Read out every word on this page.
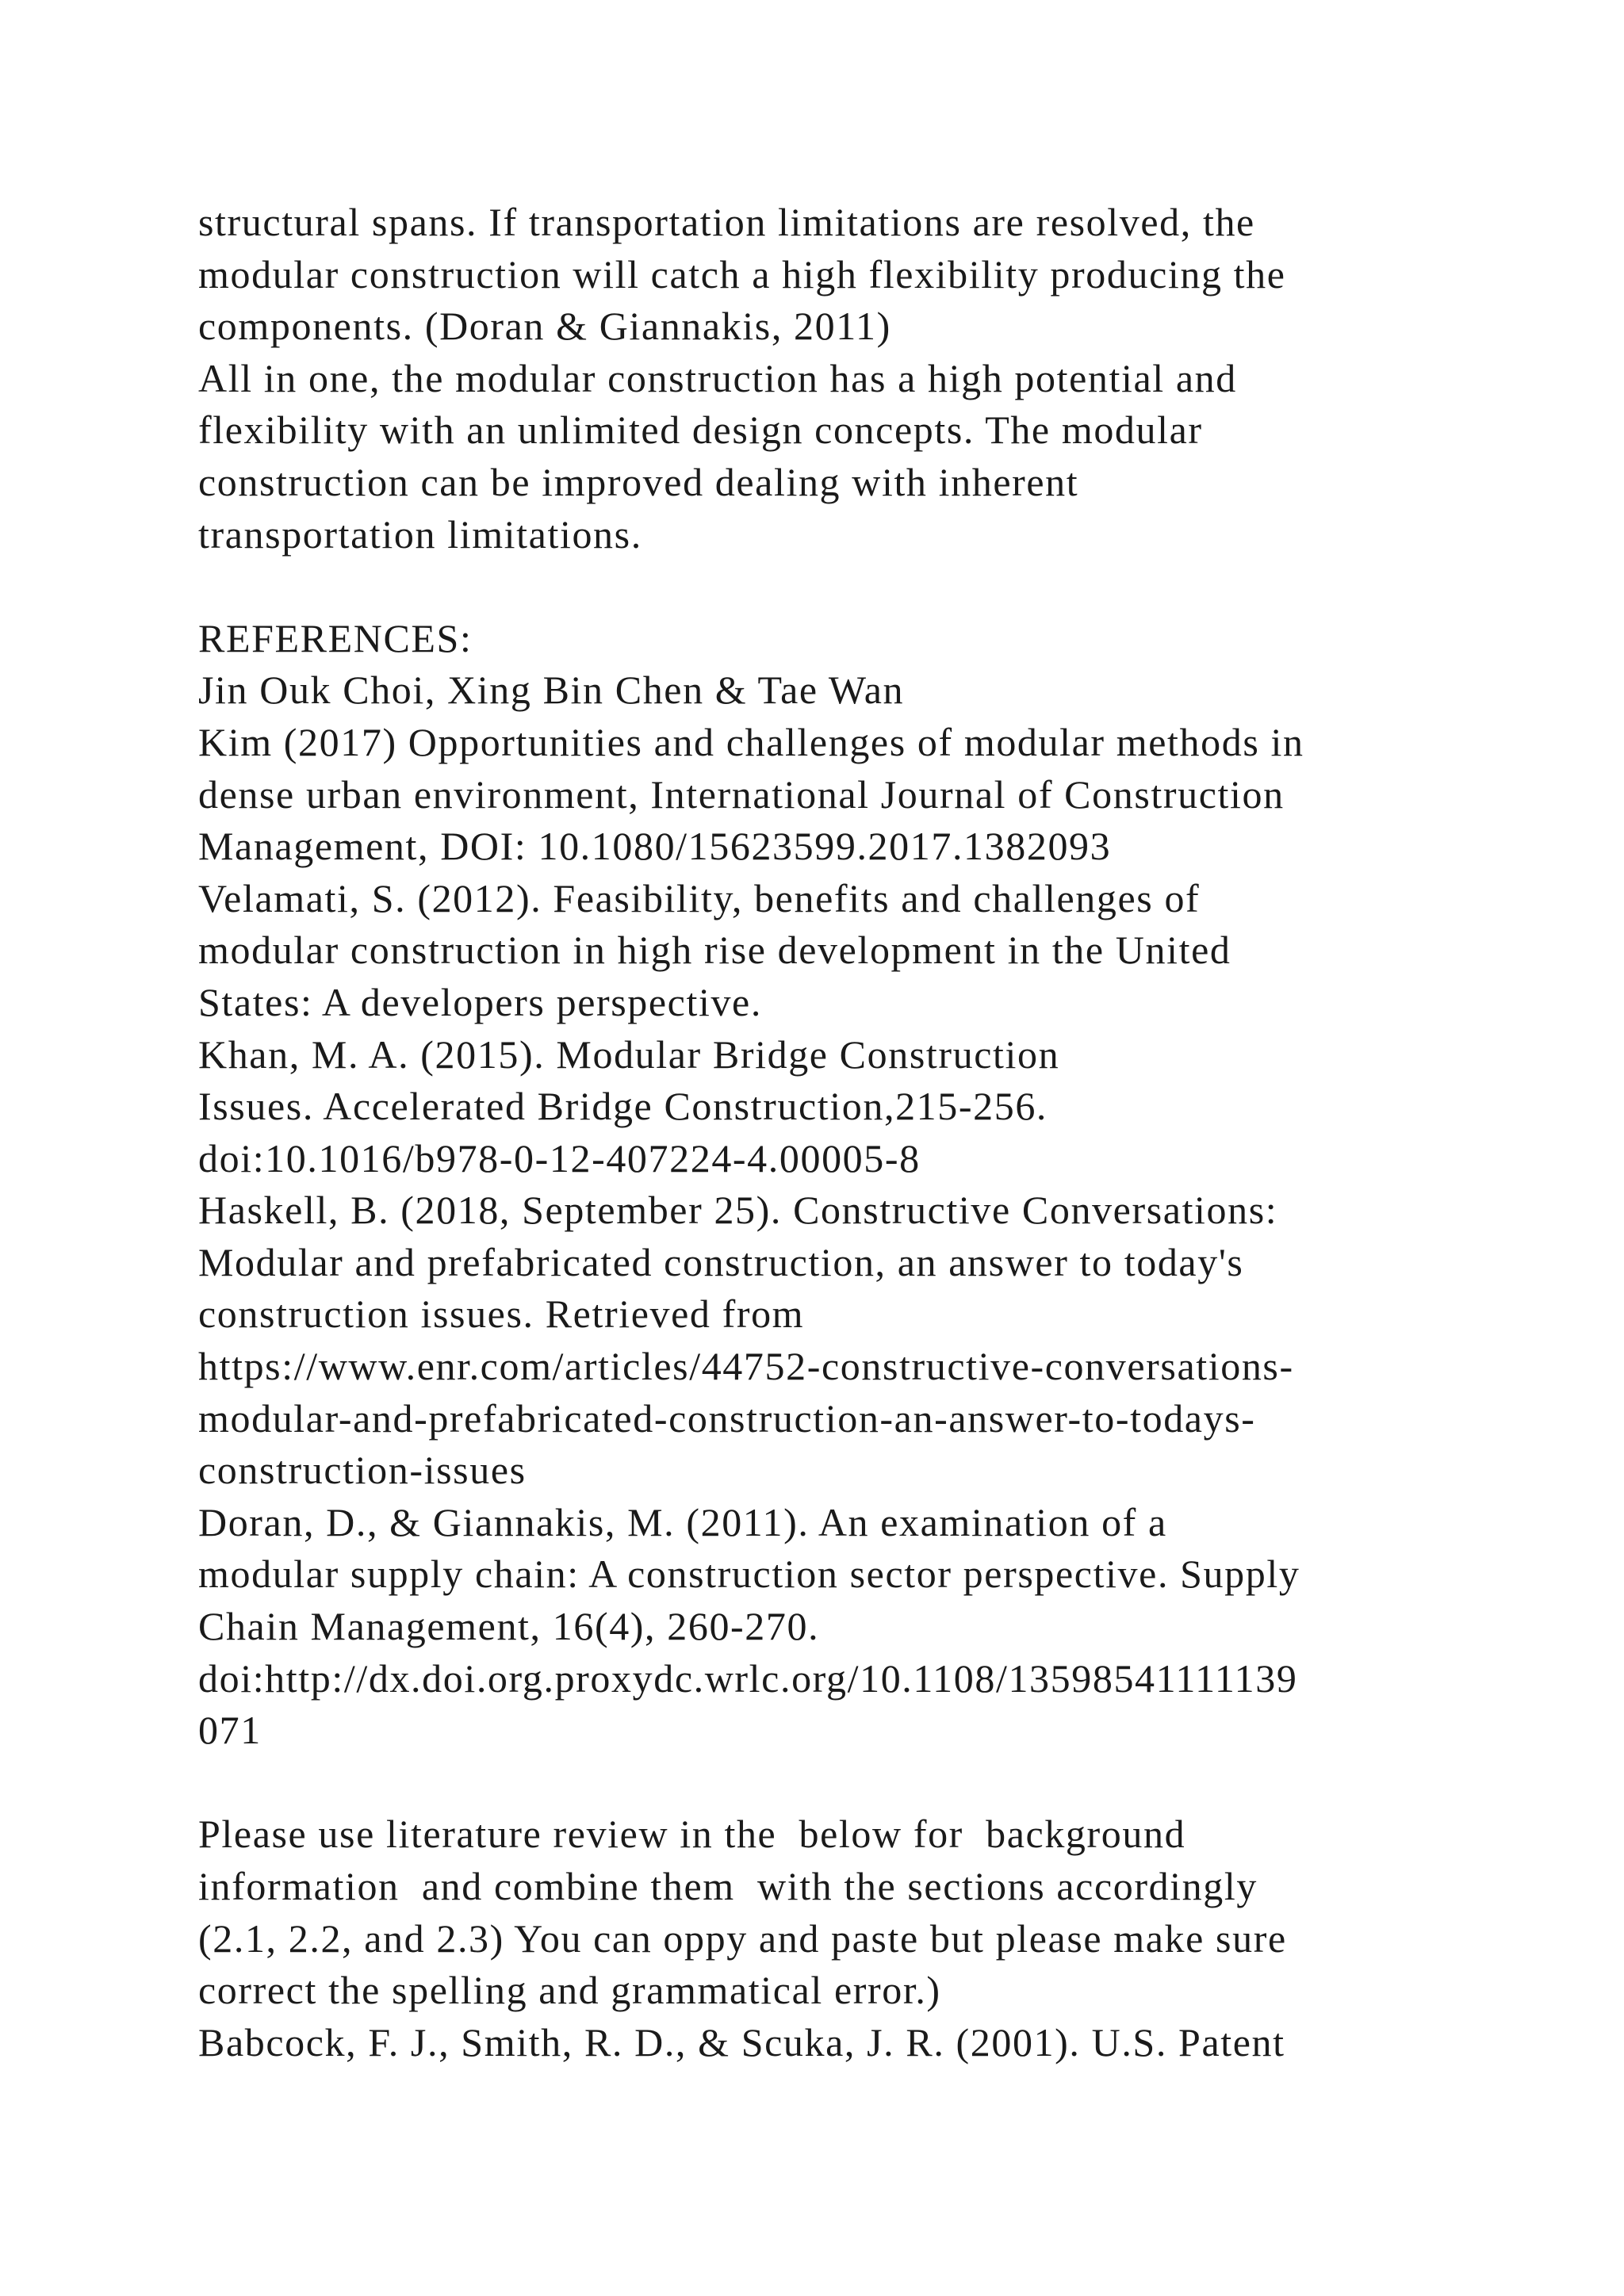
structural spans. If transportation limitations are resolved, the
modular construction will catch a high flexibility producing the
components. (Doran & Giannakis, 2011)
All in one, the modular construction has a high potential and
flexibility with an unlimited design concepts. The modular
construction can be improved dealing with inherent
transportation limitations.
REFERENCES:
Jin Ouk Choi, Xing Bin Chen & Tae Wan
Kim (2017) Opportunities and challenges of modular methods in
dense urban environment, International Journal of Construction
Management, DOI: 10.1080/15623599.2017.1382093
Velamati, S. (2012). Feasibility, benefits and challenges of
modular construction in high rise development in the United
States: A developers perspective.
Khan, M. A. (2015). Modular Bridge Construction
Issues. Accelerated Bridge Construction,215-256.
doi:10.1016/b978-0-12-407224-4.00005-8
Haskell, B. (2018, September 25). Constructive Conversations:
Modular and prefabricated construction, an answer to today's
construction issues. Retrieved from
https://www.enr.com/articles/44752-constructive-conversations-
modular-and-prefabricated-construction-an-answer-to-todays-
construction-issues
Doran, D., & Giannakis, M. (2011). An examination of a
modular supply chain: A construction sector perspective. Supply
Chain Management, 16(4), 260-270.
doi:http://dx.doi.org.proxydc.wrlc.org/10.1108/13598541111139
071
Please use literature review in the  below for  background
information  and combine them  with the sections accordingly
(2.1, 2.2, and 2.3) You can oppy and paste but please make sure
correct the spelling and grammatical error.)
Babcock, F. J., Smith, R. D., & Scuka, J. R. (2001). U.S. Patent
